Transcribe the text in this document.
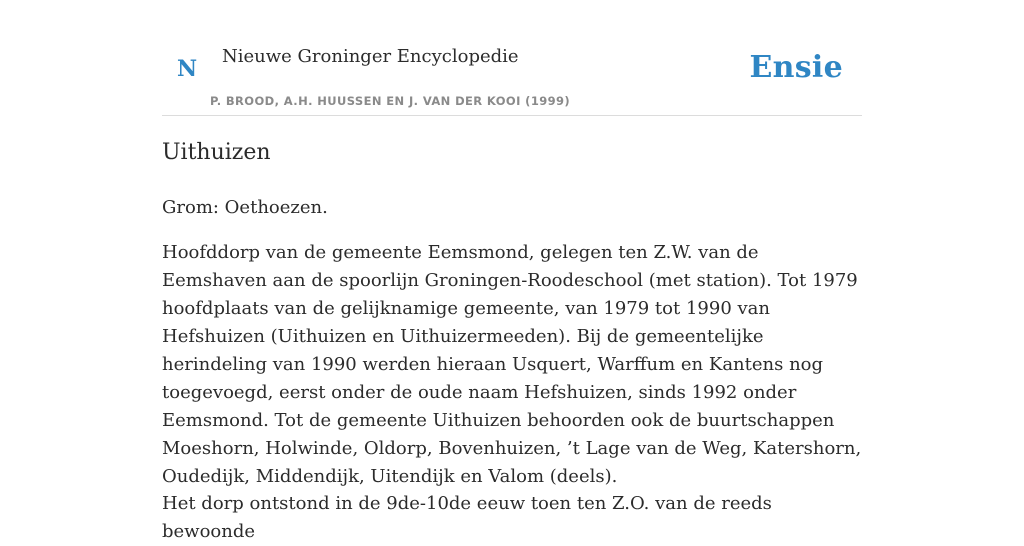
N Nieuwe Groninger Encyclopedie
P. BROOD, A.H. HUUSSEN EN J. VAN DER KOOI (1999)
Ensie
Uithuizen

Grom: Oethoezen.

Hoofddorp van de gemeente Eemsmond, gelegen ten Z.W. van de Eemshaven aan de spoorlijn Groningen-Roodeschool (met station). Tot 1979 hoofdplaats van de gelijknamige gemeente, van 1979 tot 1990 van Hefshuizen (Uithuizen en Uithuizermeeden). Bij de gemeentelijke herindeling van 1990 werden hieraan Usquert, Warffum en Kantens nog toegevoegd, eerst onder de oude naam Hefshuizen, sinds 1992 onder Eemsmond. Tot de gemeente Uithuizen behoorden ook de buurtschappen Moeshorn, Holwinde, Oldorp, Bovenhuizen, ’t Lage van de Weg, Katershorn, Oudedijk, Middendijk, Uitendijk en Valom (deels).

Het dorp ontstond in de 9de-10de eeuw toen ten Z.O. van de reeds bewoonde
